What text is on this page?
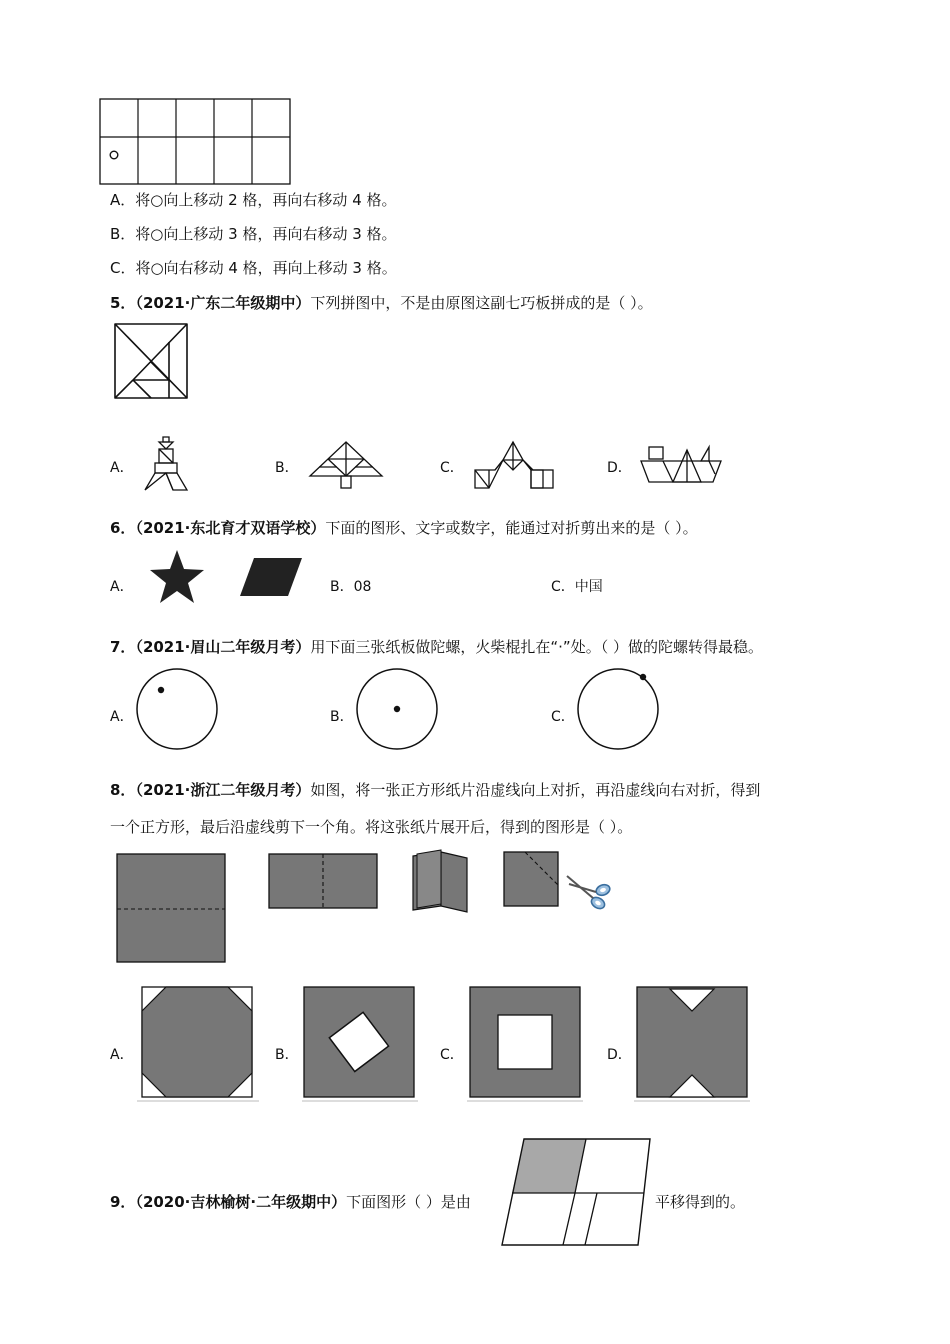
A．将○向上移动 2 格，再向右移动 4 格。
B．将○向上移动 3 格，再向右移动 3 格。
C．将○向右移动 4 格，再向上移动 3 格。
5．（2021·广东二年级期中）下列拼图中，不是由原图这副七巧板拼成的是（ ）。
A．	B．	C．	D．
6．（2021·东北育才双语学校）下面的图形、文字或数字，能通过对折剪出来的是（ ）。
A．	B．08	C．中国
7．（2021·眉山二年级月考）用下面三张纸板做陀螺，火柴棍扎在“·”处。（ ）做的陀螺转得最稳。
A．	B．	C．
8．（2021·浙江二年级月考）如图，将一张正方形纸片沿虚线向上对折，再沿虚线向右对折，得到
一个正方形，最后沿虚线剪下一个角。将这张纸片展开后，得到的图形是（ ）。
A．	B．	C．	D．
9．（2020·吉林榆树·二年级期中）下面图形（ ）是由	平移得到的。
